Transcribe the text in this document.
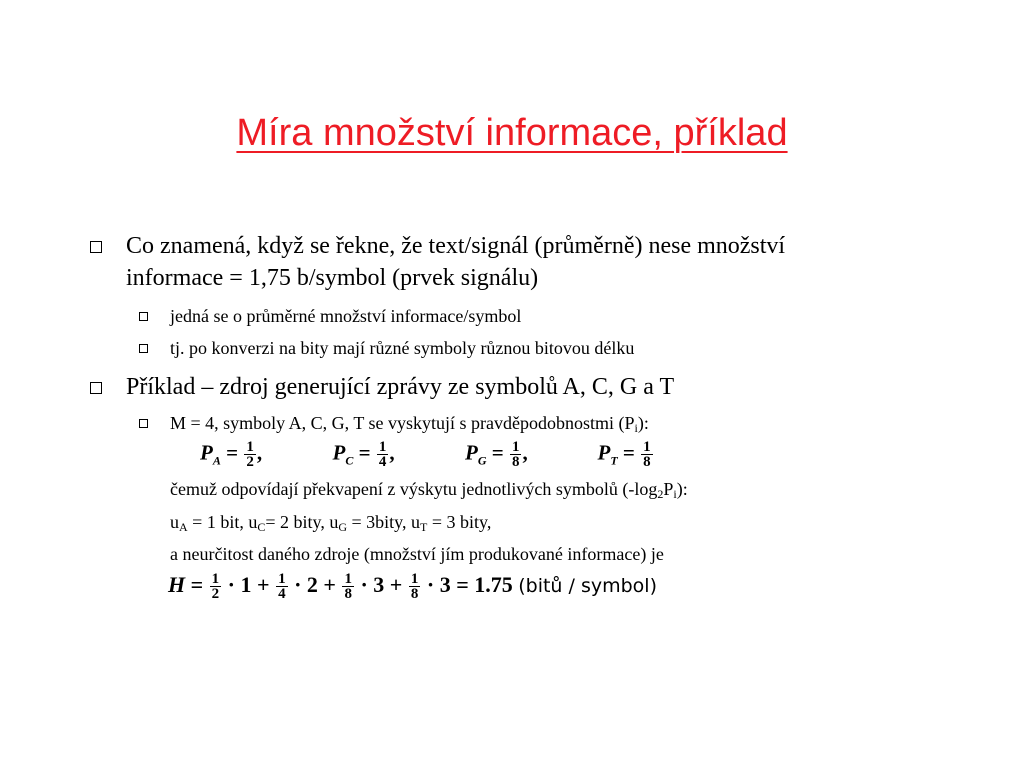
Míra množství informace, příklad
Co znamená, když se řekne, že text/signál (průměrně) nese množství
informace = 1,75 b/symbol (prvek signálu)
jedná se o průměrné množství informace/symbol
tj. po konverzi na bity mají různé symboly různou bitovou délku
Příklad – zdroj generující zprávy ze symbolů A, C, G a T
M = 4, symboly A, C, G, T se vyskytují s pravděpodobnostmi $(P_i)$:
$P_A = \frac{1}{2}$ ,	$P_C = \frac{1}{4}$ ,	$P_G = \frac{1}{8}$ ,	$P_T = \frac{1}{8}$
čemuž odpovídají překvapení z výskytu jednotlivých symbolů $(-\log_2P_i)$:
$u_A = 1$ bit, $u_C= 2$ bity, $u_G$ = 3bity, $u_T = 3$ bity,
a neurčitost daného zdroje (množství jím produkované informace) je
$H = \frac{1}{2} \cdot 1 + \frac{1}{4} \cdot 2 + \frac{1}{8} \cdot 3 + \frac{1}{8} \cdot 3 = 1.75$ (bitů / symbol)
